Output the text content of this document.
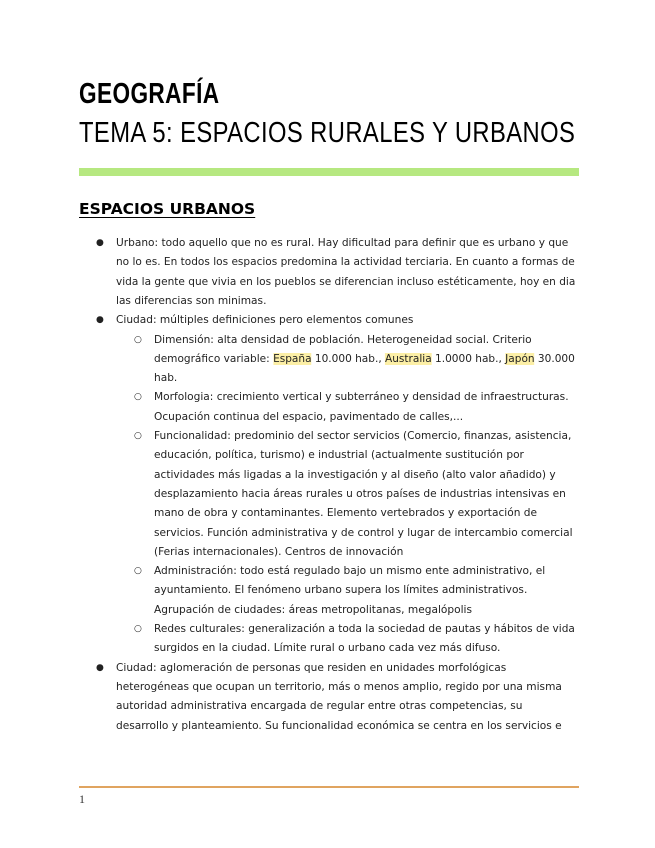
GEOGRAFÍA
TEMA 5: ESPACIOS RURALES Y URBANOS
ESPACIOS URBANOS
● Urbano: todo aquello que no es rural. Hay dificultad para definir que es urbano y que
no lo es. En todos los espacios predomina la actividad terciaria. En cuanto a formas de
vida la gente que vivia en los pueblos se diferencian incluso estéticamente, hoy en dia
las diferencias son minimas.
● Ciudad: múltiples definiciones pero elementos comunes
○ Dimensión: alta densidad de población. Heterogeneidad social. Criterio
demográfico variable: España 10.000 hab., Australia 1.0000 hab., Japón 30.000
hab.
○ Morfologia: crecimiento vertical y subterráneo y densidad de infraestructuras.
Ocupación continua del espacio, pavimentado de calles,...
○ Funcionalidad: predominio del sector servicios (Comercio, finanzas, asistencia,
educación, política, turismo) e industrial (actualmente sustitución por
actividades más ligadas a la investigación y al diseño (alto valor añadido) y
desplazamiento hacia áreas rurales u otros países de industrias intensivas en
mano de obra y contaminantes. Elemento vertebrados y exportación de
servicios. Función administrativa y de control y lugar de intercambio comercial
(Ferias internacionales). Centros de innovación
○ Administración: todo está regulado bajo un mismo ente administrativo, el
ayuntamiento. El fenómeno urbano supera los límites administrativos.
Agrupación de ciudades: áreas metropolitanas, megalópolis
○ Redes culturales: generalización a toda la sociedad de pautas y hábitos de vida
surgidos en la ciudad. Límite rural o urbano cada vez más difuso.
● Ciudad: aglomeración de personas que residen en unidades morfológicas
heterogéneas que ocupan un territorio, más o menos amplio, regido por una misma
autoridad administrativa encargada de regular entre otras competencias, su
desarrollo y planteamiento. Su funcionalidad económica se centra en los servicios e
1
